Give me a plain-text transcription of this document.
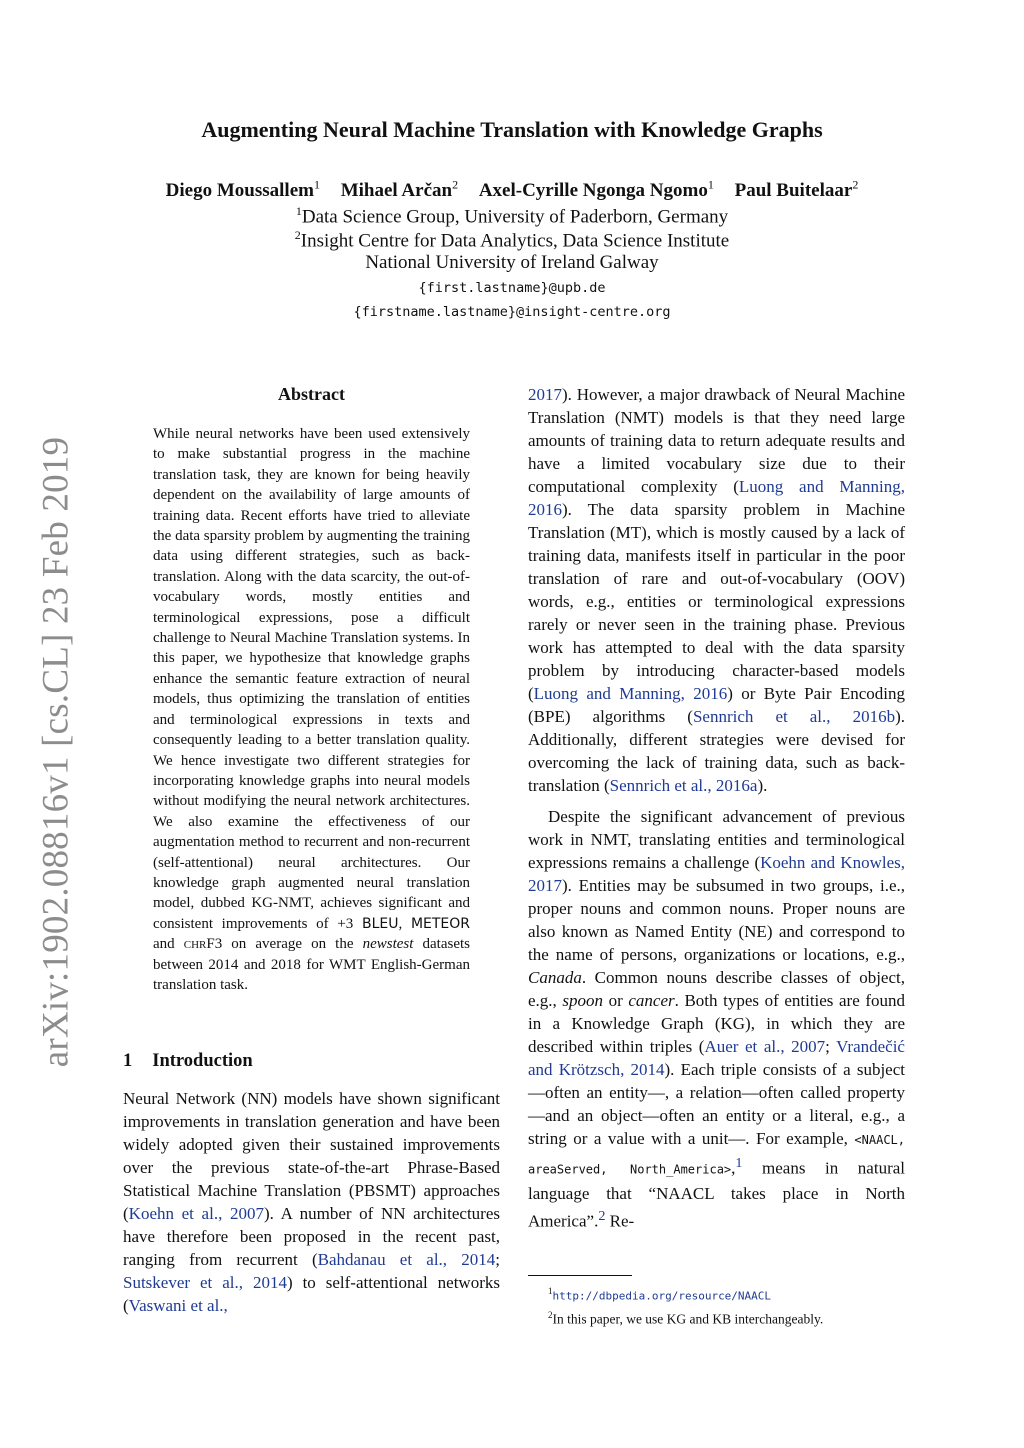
arXiv:1902.08816v1 [cs.CL] 23 Feb 2019
Augmenting Neural Machine Translation with Knowledge Graphs
Diego Moussallem$^1$ Mihael Arčan$^2$ Axel-Cyrille Ngonga Ngomo$^1$ Paul Buitelaar$^2$
$^1$Data Science Group, University of Paderborn, Germany
$^2$Insight Centre for Data Analytics, Data Science Institute
National University of Ireland Galway
{first.lastname}@upb.de
{firstname.lastname}@insight-centre.org
Abstract
While neural networks have been used extensively to make substantial progress in the machine translation task, they are known for being heavily dependent on the availability of large amounts of training data. Recent efforts have tried to alleviate the data sparsity problem by augmenting the training data using different strategies, such as back-translation. Along with the data scarcity, the out-of-vocabulary words, mostly entities and terminological expressions, pose a difficult challenge to Neural Machine Translation systems. In this paper, we hypothesize that knowledge graphs enhance the semantic feature extraction of neural models, thus optimizing the translation of entities and terminological expressions in texts and consequently leading to a better translation quality. We hence investigate two different strategies for incorporating knowledge graphs into neural models without modifying the neural network architectures. We also examine the effectiveness of our augmentation method to recurrent and non-recurrent (self-attentional) neural architectures. Our knowledge graph augmented neural translation model, dubbed KG-NMT, achieves significant and consistent improvements of +3 BLEU, METEOR and chrF3 on average on the newstest datasets between 2014 and 2018 for WMT English-German translation task.
1 Introduction
Neural Network (NN) models have shown significant improvements in translation generation and have been widely adopted given their sustained improvements over the previous state-of-the-art Phrase-Based Statistical Machine Translation (PBSMT) approaches (Koehn et al., 2007). A number of NN architectures have therefore been proposed in the recent past, ranging from recurrent (Bahdanau et al., 2014; Sutskever et al., 2014) to self-attentional networks (Vaswani et al.,
2017). However, a major drawback of Neural Machine Translation (NMT) models is that they need large amounts of training data to return adequate results and have a limited vocabulary size due to their computational complexity (Luong and Manning, 2016). The data sparsity problem in Machine Translation (MT), which is mostly caused by a lack of training data, manifests itself in particular in the poor translation of rare and out-of-vocabulary (OOV) words, e.g., entities or terminological expressions rarely or never seen in the training phase. Previous work has attempted to deal with the data sparsity problem by introducing character-based models (Luong and Manning, 2016) or Byte Pair Encoding (BPE) algorithms (Sennrich et al., 2016b). Additionally, different strategies were devised for overcoming the lack of training data, such as back-translation (Sennrich et al., 2016a).
Despite the significant advancement of previous work in NMT, translating entities and terminological expressions remains a challenge (Koehn and Knowles, 2017). Entities may be subsumed in two groups, i.e., proper nouns and common nouns. Proper nouns are also known as Named Entity (NE) and correspond to the name of persons, organizations or locations, e.g., Canada. Common nouns describe classes of object, e.g., spoon or cancer. Both types of entities are found in a Knowledge Graph (KG), in which they are described within triples (Auer et al., 2007; Vrandečić and Krötzsch, 2014). Each triple consists of a subject—often an entity—, a relation—often called property—and an object—often an entity or a literal, e.g., a string or a value with a unit—. For example, <NAACL, areaServed, North_America>,$^1$ means in natural language that “NAACL takes place in North America”.$^2$ Re-
$^1$http://dbpedia.org/resource/NAACL
$^2$In this paper, we use KG and KB interchangeably.
